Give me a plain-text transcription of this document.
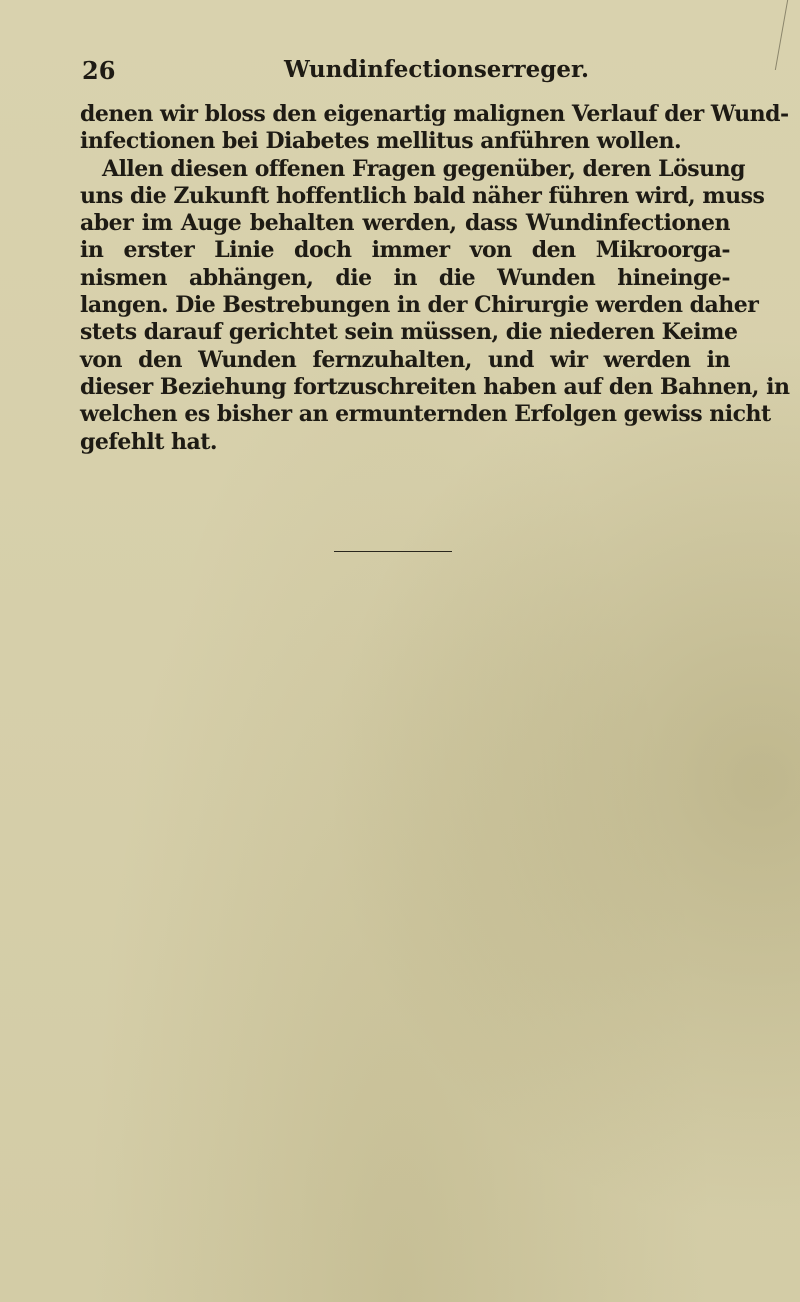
26	Wundinfectionserreger.
denen wir bloss den eigenartig malignen Verlauf der Wund-
infectionen bei Diabetes mellitus anführen wollen.
Allen diesen offenen Fragen gegenüber, deren Lösung
uns die Zukunft hoffentlich bald näher führen wird, muss
aber im Auge behalten werden, dass Wundinfectionen
in erster Linie doch immer von den Mikroorga-
nismen abhängen, die in die Wunden hineinge-
langen. Die Bestrebungen in der Chirurgie werden daher
stets darauf gerichtet sein müssen, die niederen Keime
von den Wunden fernzuhalten, und wir werden in
dieser Beziehung fortzuschreiten haben auf den Bahnen, in
welchen es bisher an ermunternden Erfolgen gewiss nicht
gefehlt hat.
